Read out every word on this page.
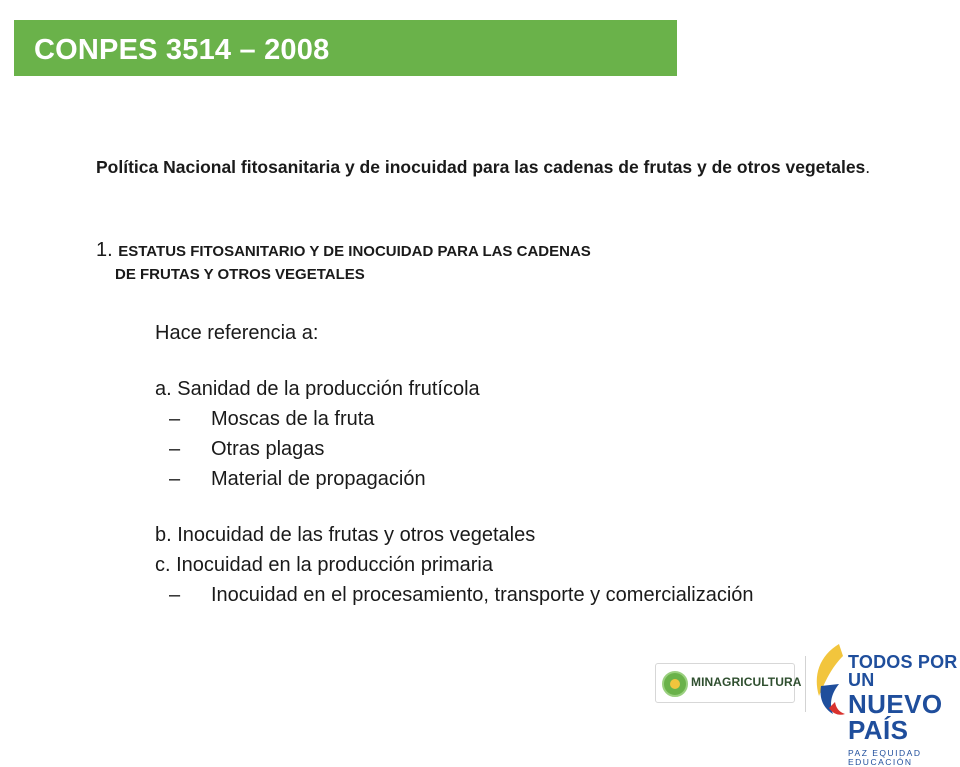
CONPES 3514 – 2008

Política Nacional fitosanitaria y de inocuidad para las cadenas de frutas y de otros vegetales.

1. ESTATUS FITOSANITARIO Y DE INOCUIDAD PARA LAS CADENAS
DE FRUTAS Y OTROS VEGETALES
Hace referencia a:
a. Sanidad de la producción frutícola
– Moscas de la fruta
– Otras plagas
– Material de propagación
b. Inocuidad de las frutas y otros vegetales
c. Inocuidad en la producción primaria
– Inocuidad en el procesamiento, transporte y comercialización
MINAGRICULTURA
TODOS POR UN
NUEVO PAÍS
PAZ EQUIDAD EDUCACIÓN
